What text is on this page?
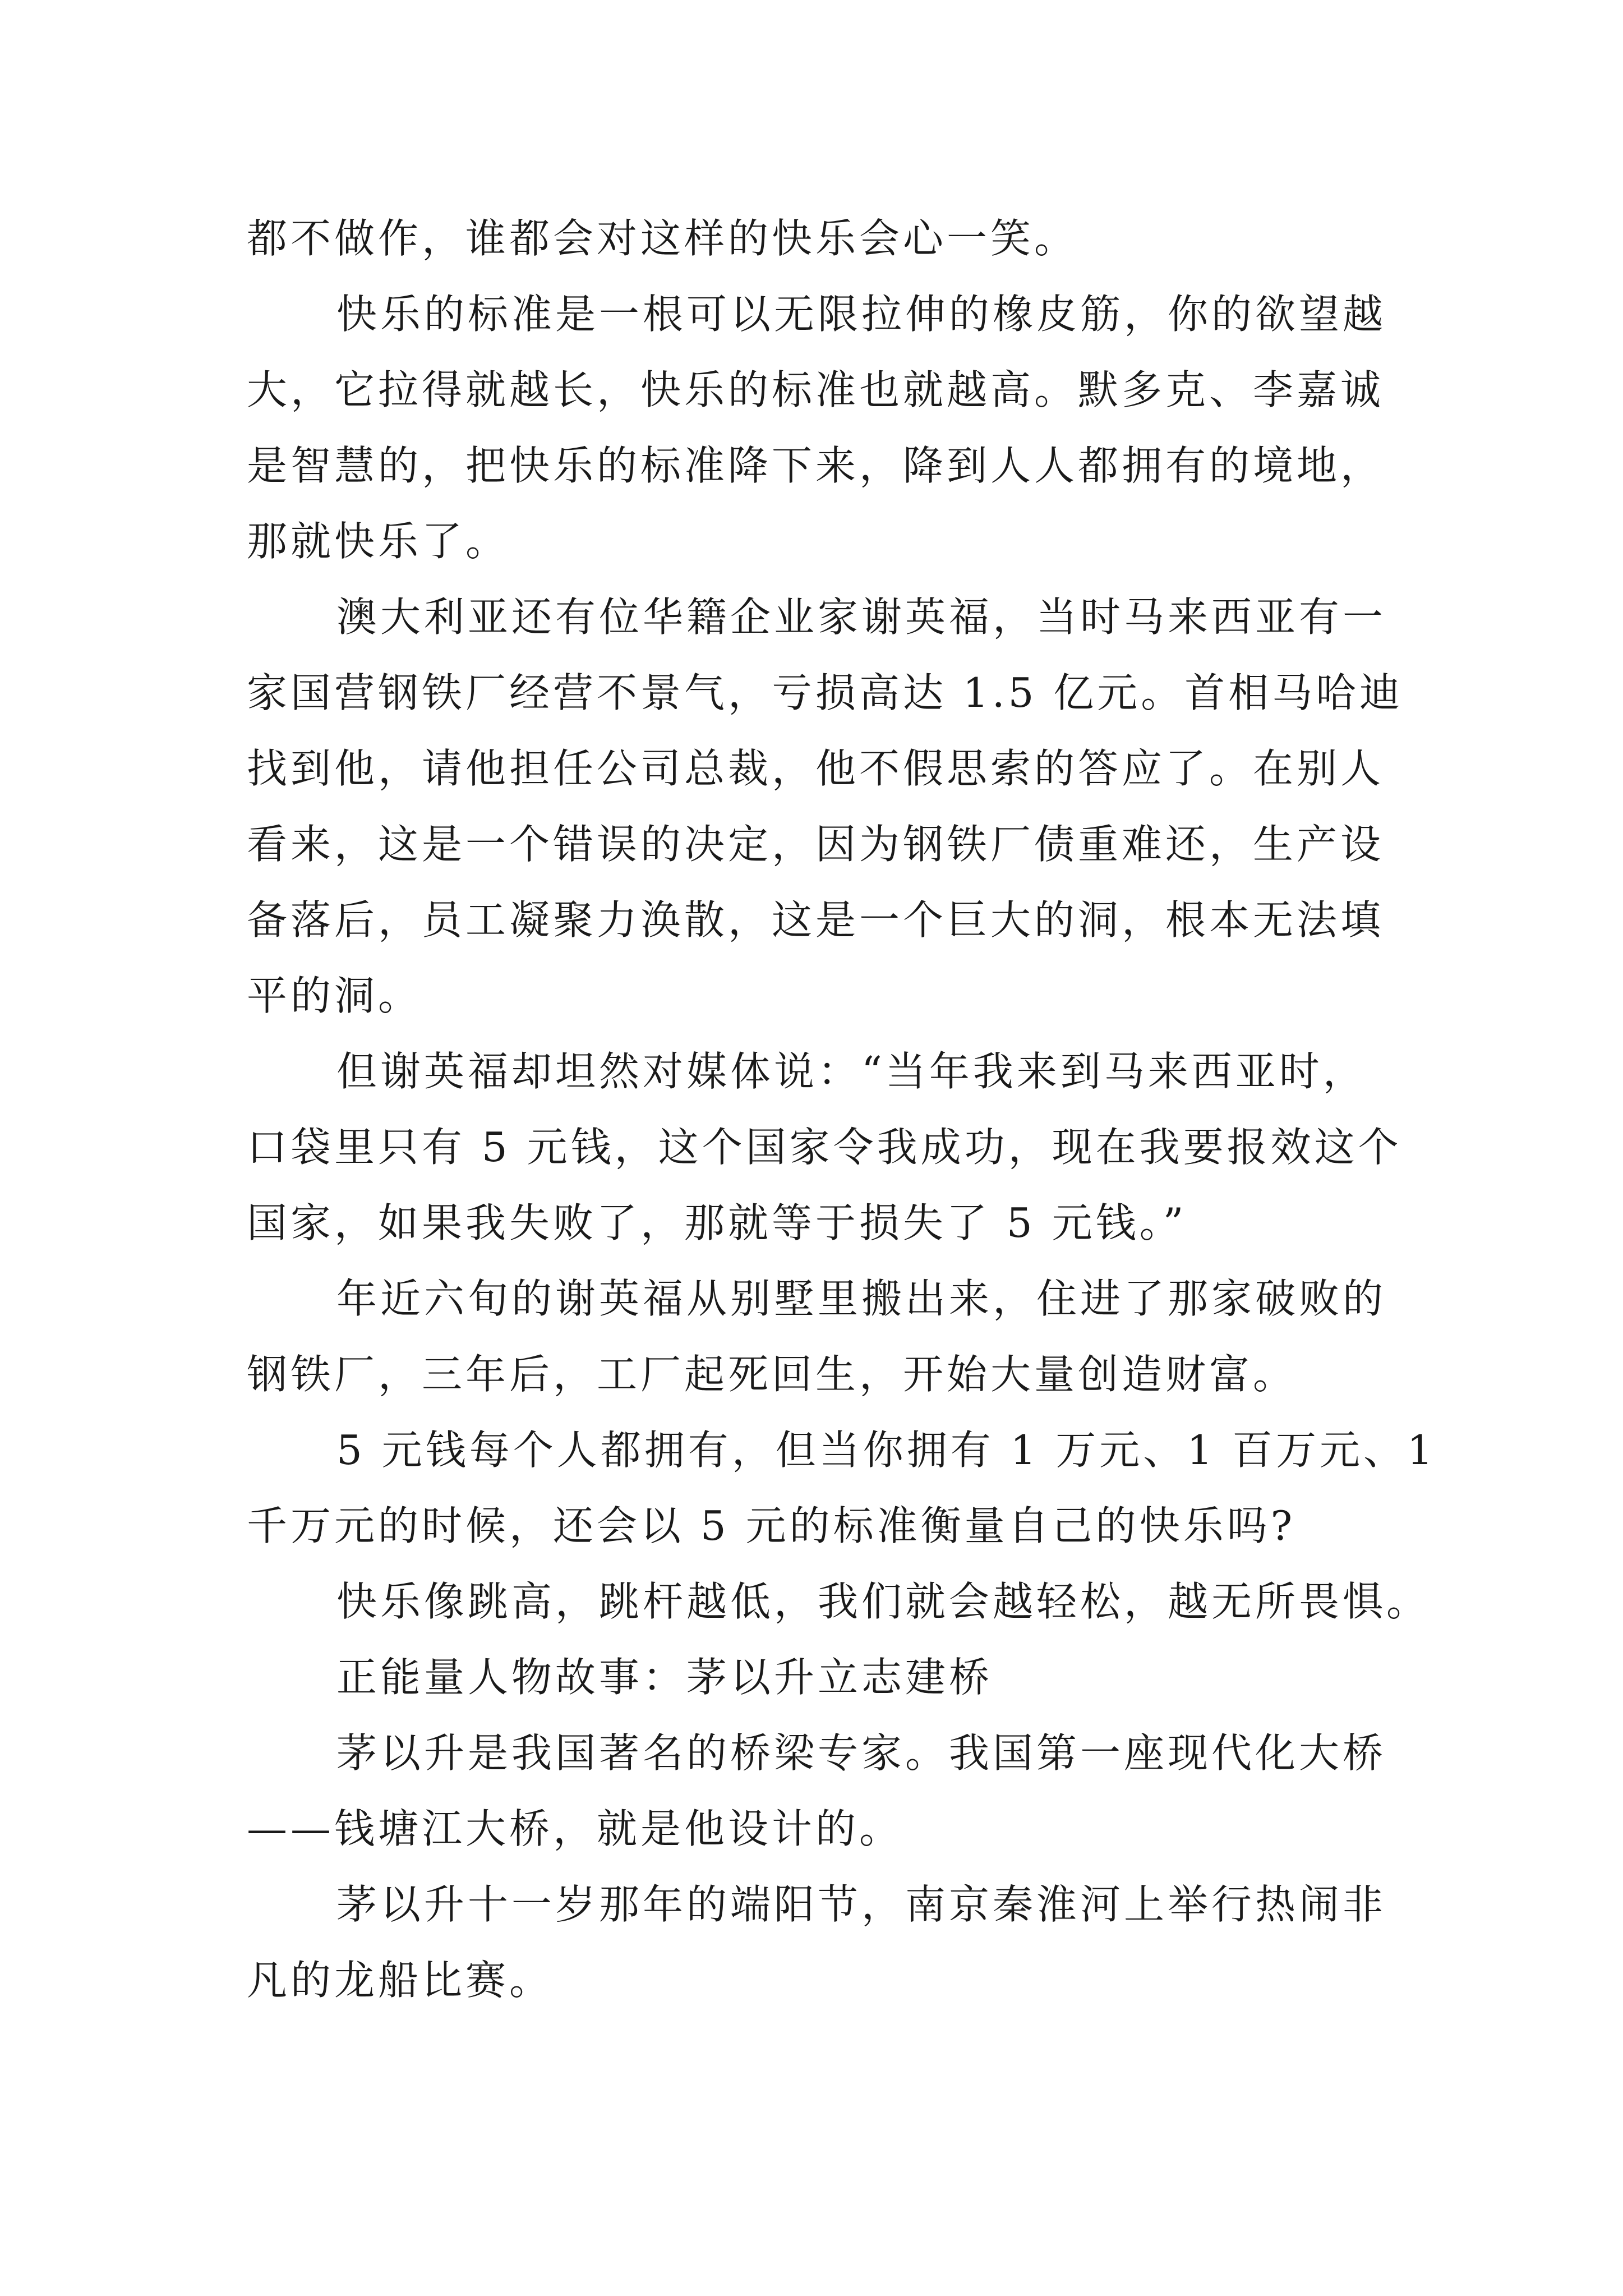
都不做作，谁都会对这样的快乐会心一笑。

快乐的标准是一根可以无限拉伸的橡皮筋，你的欲望越
大，它拉得就越长，快乐的标准也就越高。默多克、李嘉诚
是智慧的，把快乐的标准降下来，降到人人都拥有的境地，
那就快乐了。

澳大利亚还有位华籍企业家谢英福，当时马来西亚有一
家国营钢铁厂经营不景气，亏损高达 1.5 亿元。首相马哈迪
找到他，请他担任公司总裁，他不假思索的答应了。在别人
看来，这是一个错误的决定，因为钢铁厂债重难还，生产设
备落后，员工凝聚力涣散，这是一个巨大的洞，根本无法填
平的洞。

但谢英福却坦然对媒体说：“当年我来到马来西亚时，
口袋里只有 5 元钱，这个国家令我成功，现在我要报效这个
国家，如果我失败了，那就等于损失了 5 元钱。”

年近六旬的谢英福从别墅里搬出来，住进了那家破败的
钢铁厂，三年后，工厂起死回生，开始大量创造财富。

5 元钱每个人都拥有，但当你拥有 1 万元、1 百万元、1
千万元的时候，还会以 5 元的标准衡量自己的快乐吗?

快乐像跳高，跳杆越低，我们就会越轻松，越无所畏惧。

正能量人物故事：茅以升立志建桥

茅以升是我国著名的桥梁专家。我国第一座现代化大桥
——钱塘江大桥，就是他设计的。

茅以升十一岁那年的端阳节，南京秦淮河上举行热闹非
凡的龙船比赛。
